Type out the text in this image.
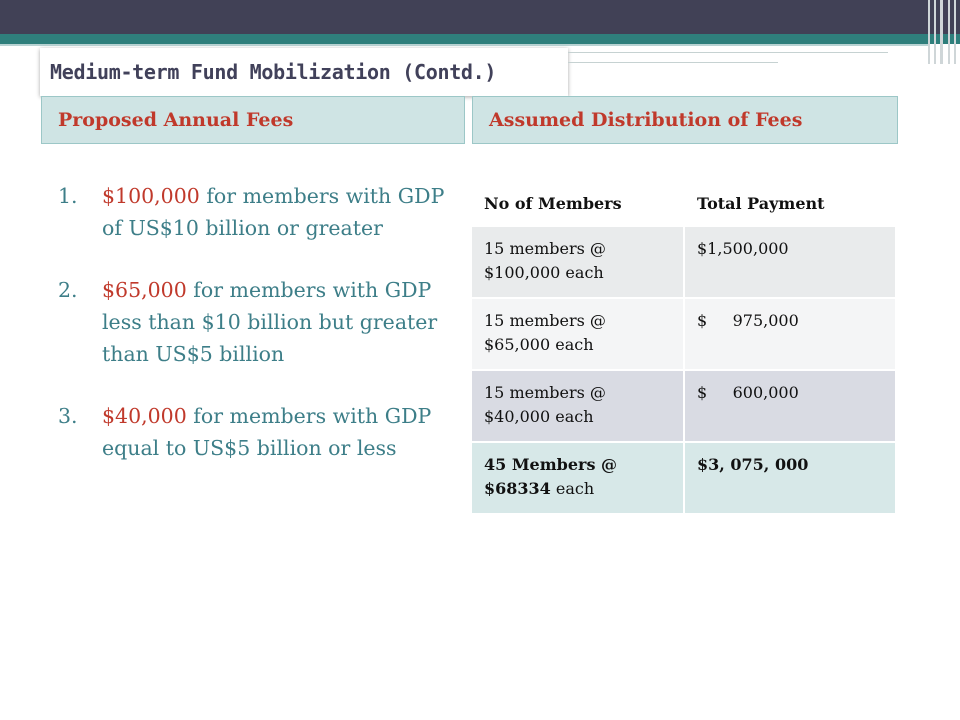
Medium-term Fund Mobilization (Contd.)
Proposed Annual Fees	Assumed Distribution of Fees
1.	$100,000 for members with GDP of US$10 billion or greater
2.	$65,000 for members with GDP less than $10 billion but greater than US$5 billion
3.	$40,000 for members with GDP equal to US$5 billion or less
No of Members	Total Payment
15 members @ $100,000 each	$1,500,000
15 members @ $65,000 each	$     975,000
15 members @ $40,000 each	$     600,000
45 Members @ $68334 each	$3, 075, 000
